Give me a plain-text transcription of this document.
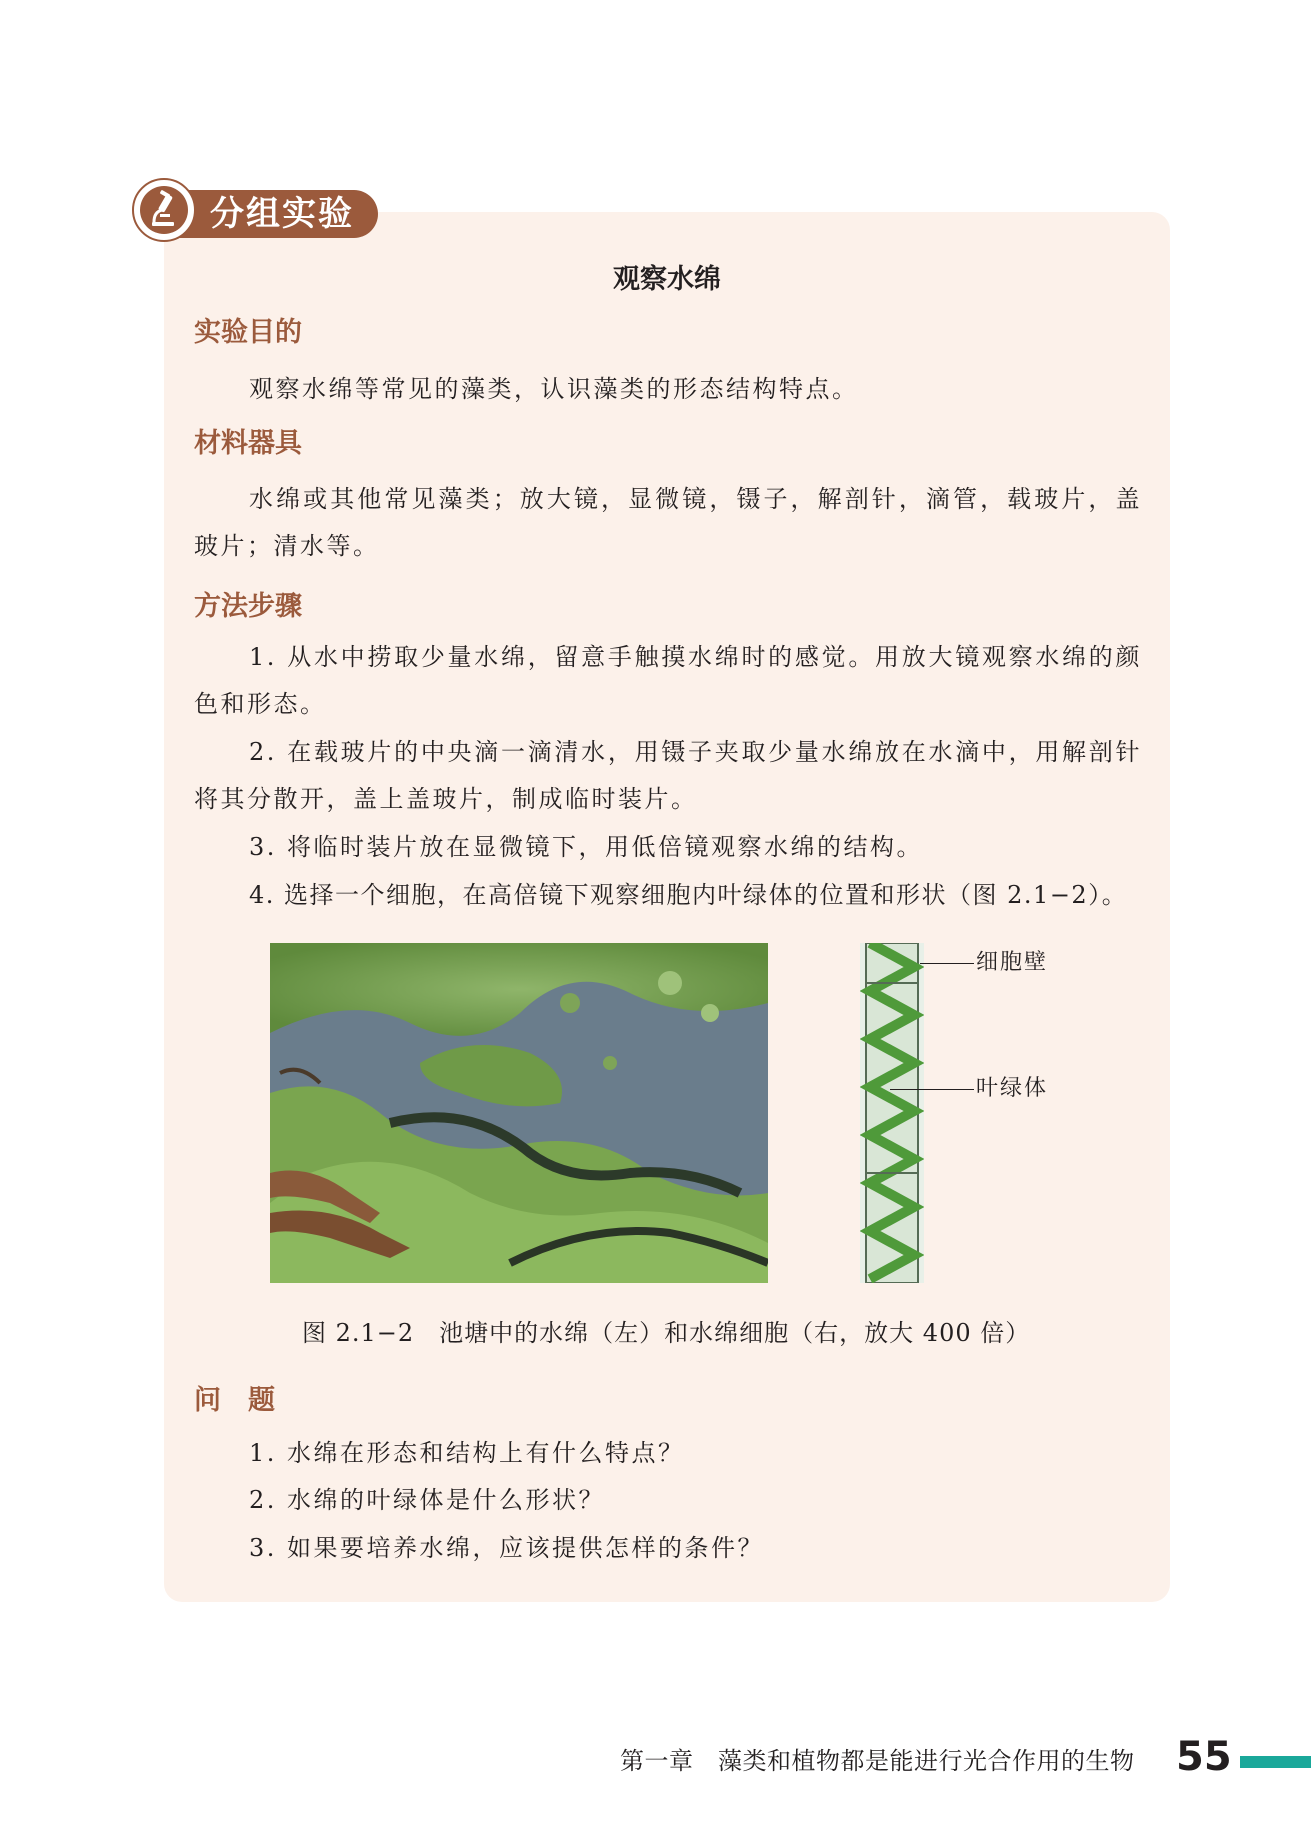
分组实验
观察水绵
实验目的

观察水绵等常见的藻类，认识藻类的形态结构特点。

材料器具

水绵或其他常见藻类；放大镜，显微镜，镊子，解剖针，滴管，载玻片，盖玻片；清水等。

方法步骤

1. 从水中捞取少量水绵，留意手触摸水绵时的感觉。用放大镜观察水绵的颜色和形态。

2. 在载玻片的中央滴一滴清水，用镊子夹取少量水绵放在水滴中，用解剖针将其分散开，盖上盖玻片，制成临时装片。

3. 将临时装片放在显微镜下，用低倍镜观察水绵的结构。

4. 选择一个细胞，在高倍镜下观察细胞内叶绿体的位置和形状（图 2.1−2）。

细胞壁
叶绿体
图 2.1−2　池塘中的水绵（左）和水绵细胞（右，放大 400 倍）
问　题
1. 水绵在形态和结构上有什么特点？
2. 水绵的叶绿体是什么形状？
3. 如果要培养水绵，应该提供怎样的条件？
第一章　藻类和植物都是能进行光合作用的生物 55
